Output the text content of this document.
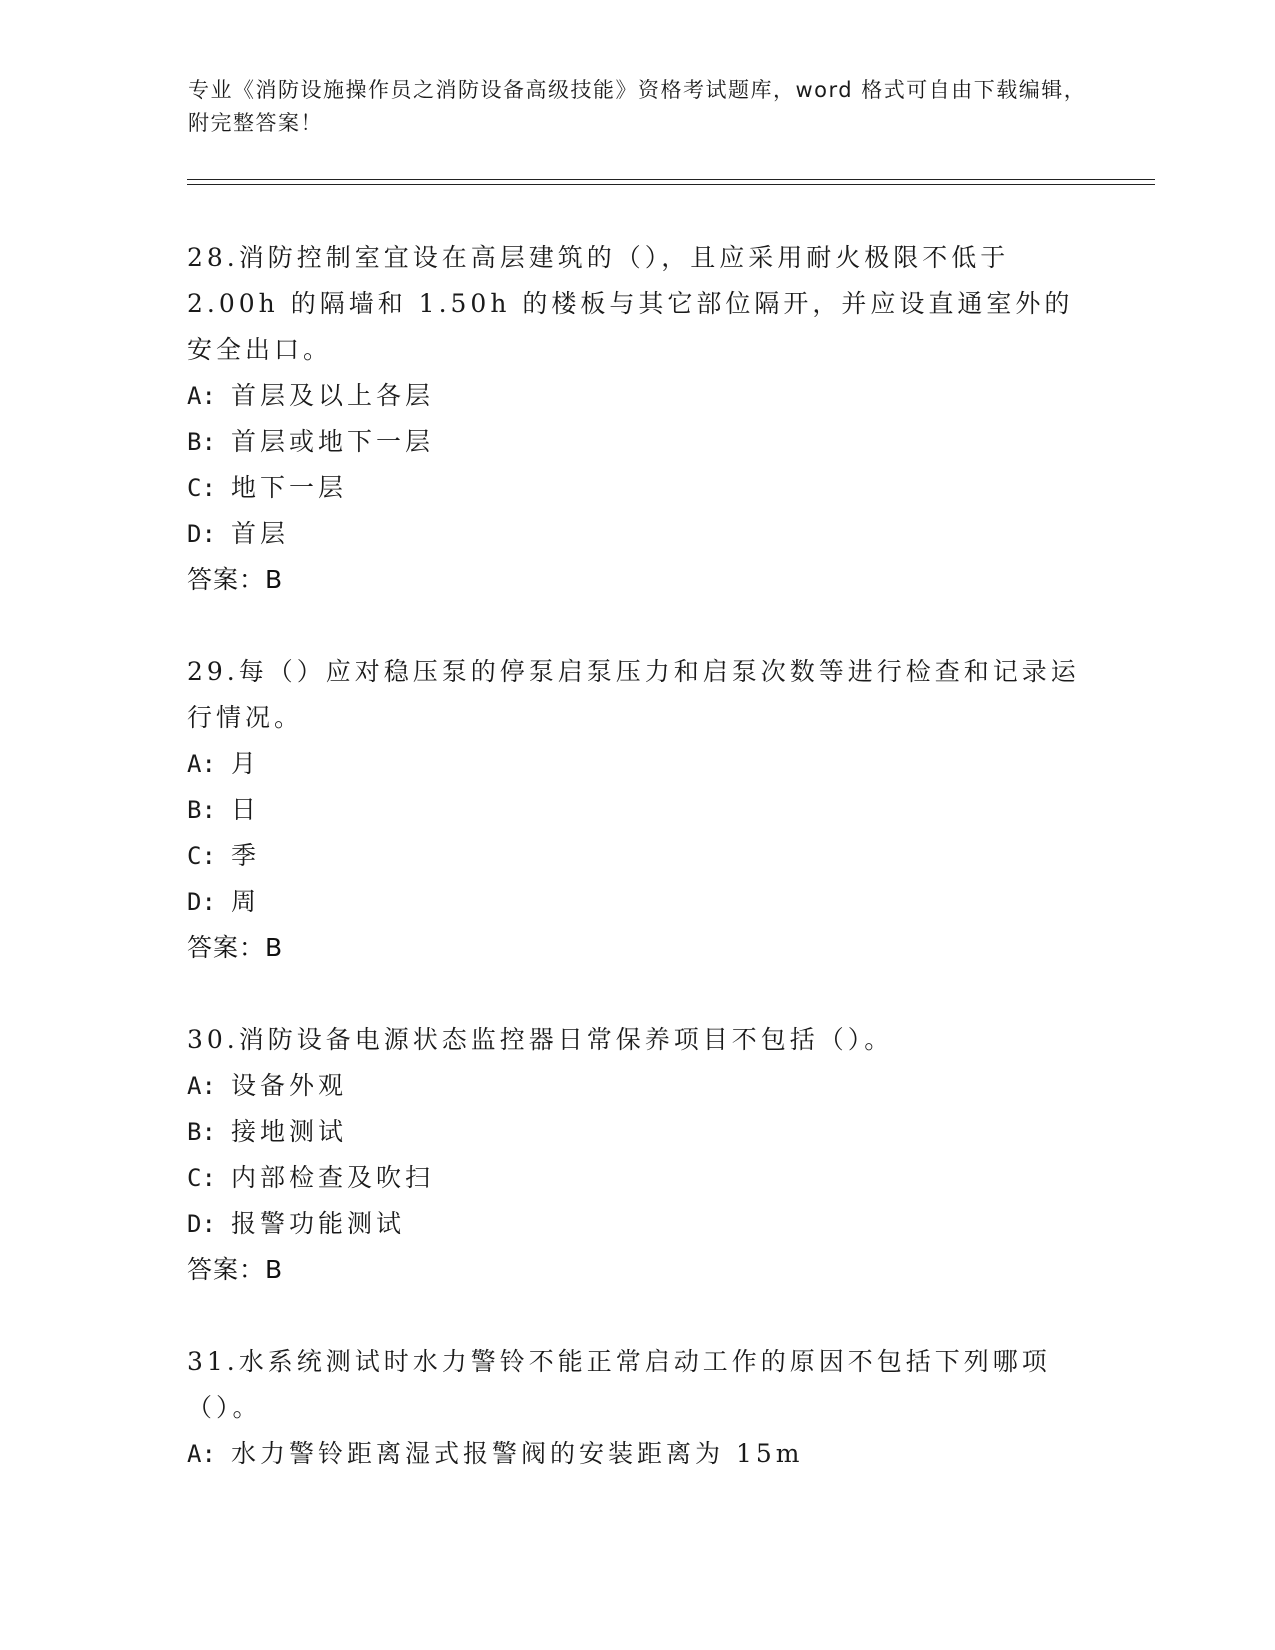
专业《消防设施操作员之消防设备高级技能》资格考试题库，word 格式可自由下载编辑，附完整答案！

28.消防控制室宜设在高层建筑的（），且应采用耐火极限不低于2.00h 的隔墙和 1.50h 的楼板与其它部位隔开，并应设直通室外的安全出口。

A: 首层及以上各层

B: 首层或地下一层

C: 地下一层

D: 首层

答案：B

29.每（）应对稳压泵的停泵启泵压力和启泵次数等进行检查和记录运行情况。

A: 月

B: 日

C: 季

D: 周

答案：B

30.消防设备电源状态监控器日常保养项目不包括（）。

A: 设备外观

B: 接地测试

C: 内部检查及吹扫

D: 报警功能测试

答案：B

31.水系统测试时水力警铃不能正常启动工作的原因不包括下列哪项（）。

A: 水力警铃距离湿式报警阀的安装距离为 15m
